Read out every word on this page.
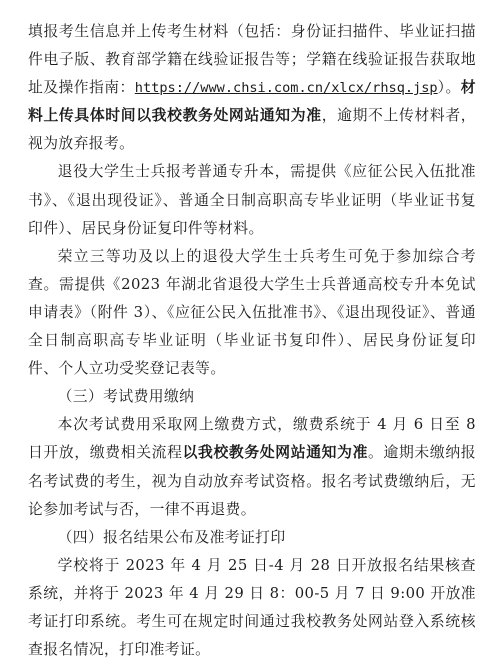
填报考生信息并上传考生材料（包括：身份证扫描件、毕业证扫描件电子版、教育部学籍在线验证报告等；学籍在线验证报告获取地址及操作指南：https://www.chsi.com.cn/xlcx/rhsq.jsp）。材料上传具体时间以我校教务处网站通知为准，逾期不上传材料者，视为放弃报考。

退役大学生士兵报考普通专升本，需提供《应征公民入伍批准书》、《退出现役证》、普通全日制高职高专毕业证明（毕业证书复印件）、居民身份证复印件等材料。

荣立三等功及以上的退役大学生士兵考生可免于参加综合考查。需提供《2023 年湖北省退役大学生士兵普通高校专升本免试申请表》（附件 3）、《应征公民入伍批准书》、《退出现役证》、普通全日制高职高专毕业证明（毕业证书复印件）、居民身份证复印件、个人立功受奖登记表等。

（三）考试费用缴纳

本次考试费用采取网上缴费方式，缴费系统于 4 月 6 日至 8 日开放，缴费相关流程以我校教务处网站通知为准。逾期未缴纳报名考试费的考生，视为自动放弃考试资格。报名考试费缴纳后，无论参加考试与否，一律不再退费。

（四）报名结果公布及准考证打印

学校将于 2023 年 4 月 25 日-4 月 28 日开放报名结果核查系统，并将于 2023 年 4 月 29 日 8：00-5 月 7 日 9:00 开放准考证打印系统。考生可在规定时间通过我校教务处网站登入系统核查报名情况，打印准考证。
